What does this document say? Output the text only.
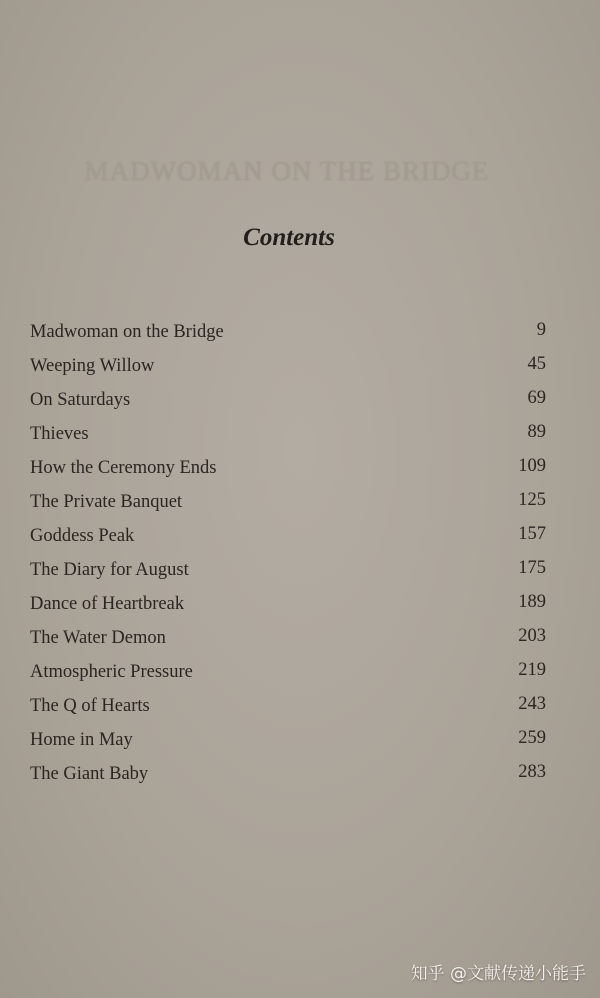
MADWOMAN ON THE BRIDGE
Contents
Madwoman on the Bridge	9
Weeping Willow	45
On Saturdays	69
Thieves	89
How the Ceremony Ends	109
The Private Banquet	125
Goddess Peak	157
The Diary for August	175
Dance of Heartbreak	189
The Water Demon	203
Atmospheric Pressure	219
The Q of Hearts	243
Home in May	259
The Giant Baby	283
知乎 @文献传递小能手
